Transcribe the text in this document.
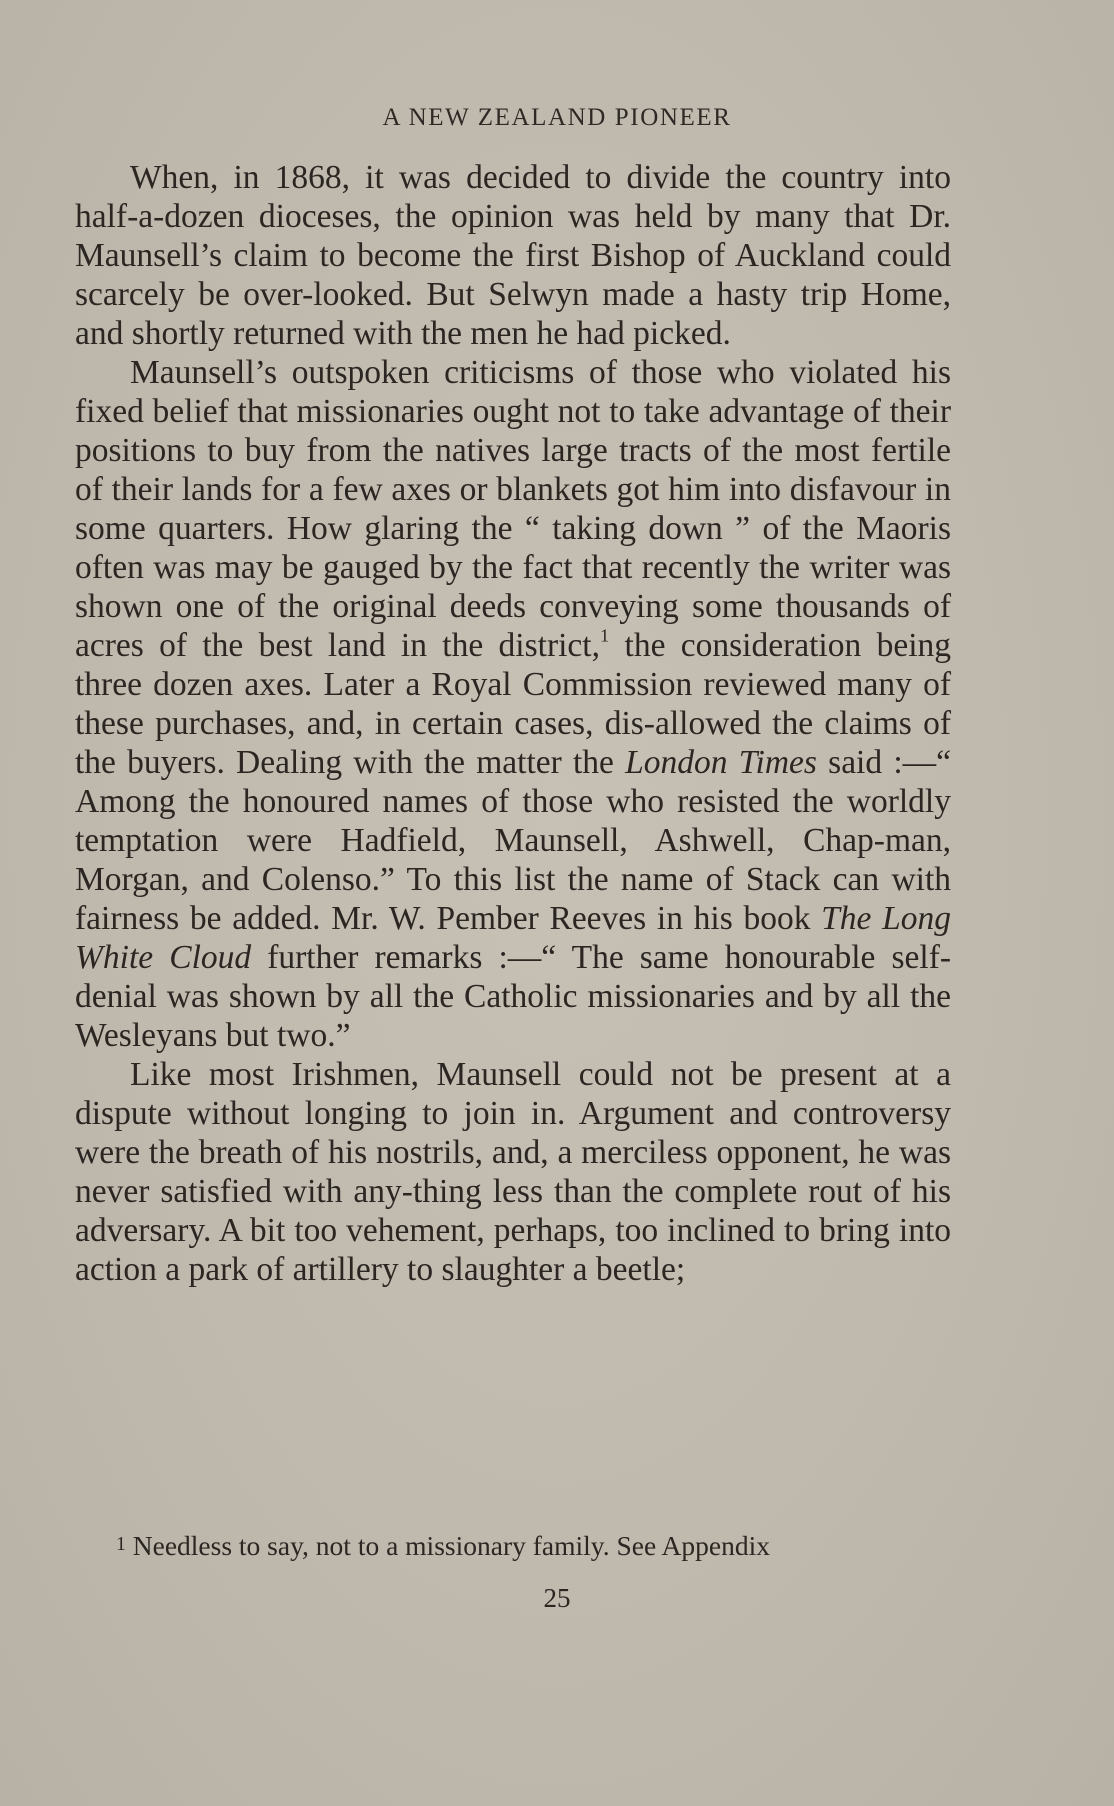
A NEW ZEALAND PIONEER

When, in 1868, it was decided to divide the country into half-a-dozen dioceses, the opinion was held by many that Dr. Maunsell’s claim to become the first Bishop of Auckland could scarcely be over-looked. But Selwyn made a hasty trip Home, and shortly returned with the men he had picked.

Maunsell’s outspoken criticisms of those who violated his fixed belief that missionaries ought not to take advantage of their positions to buy from the natives large tracts of the most fertile of their lands for a few axes or blankets got him into disfavour in some quarters. How glaring the “ taking down ” of the Maoris often was may be gauged by the fact that recently the writer was shown one of the original deeds conveying some thousands of acres of the best land in the district,$^1$ the consideration being three dozen axes. Later a Royal Commission reviewed many of these purchases, and, in certain cases, dis-allowed the claims of the buyers. Dealing with the matter the London Times said :—“ Among the honoured names of those who resisted the worldly temptation were Hadfield, Maunsell, Ashwell, Chap-man, Morgan, and Colenso.” To this list the name of Stack can with fairness be added. Mr. W. Pember Reeves in his book The Long White Cloud further remarks :—“ The same honourable self-denial was shown by all the Catholic missionaries and by all the Wesleyans but two.”

Like most Irishmen, Maunsell could not be present at a dispute without longing to join in. Argument and controversy were the breath of his nostrils, and, a merciless opponent, he was never satisfied with any-thing less than the complete rout of his adversary. A bit too vehement, perhaps, too inclined to bring into action a park of artillery to slaughter a beetle;

1 Needless to say, not to a missionary family. See Appendix
25
